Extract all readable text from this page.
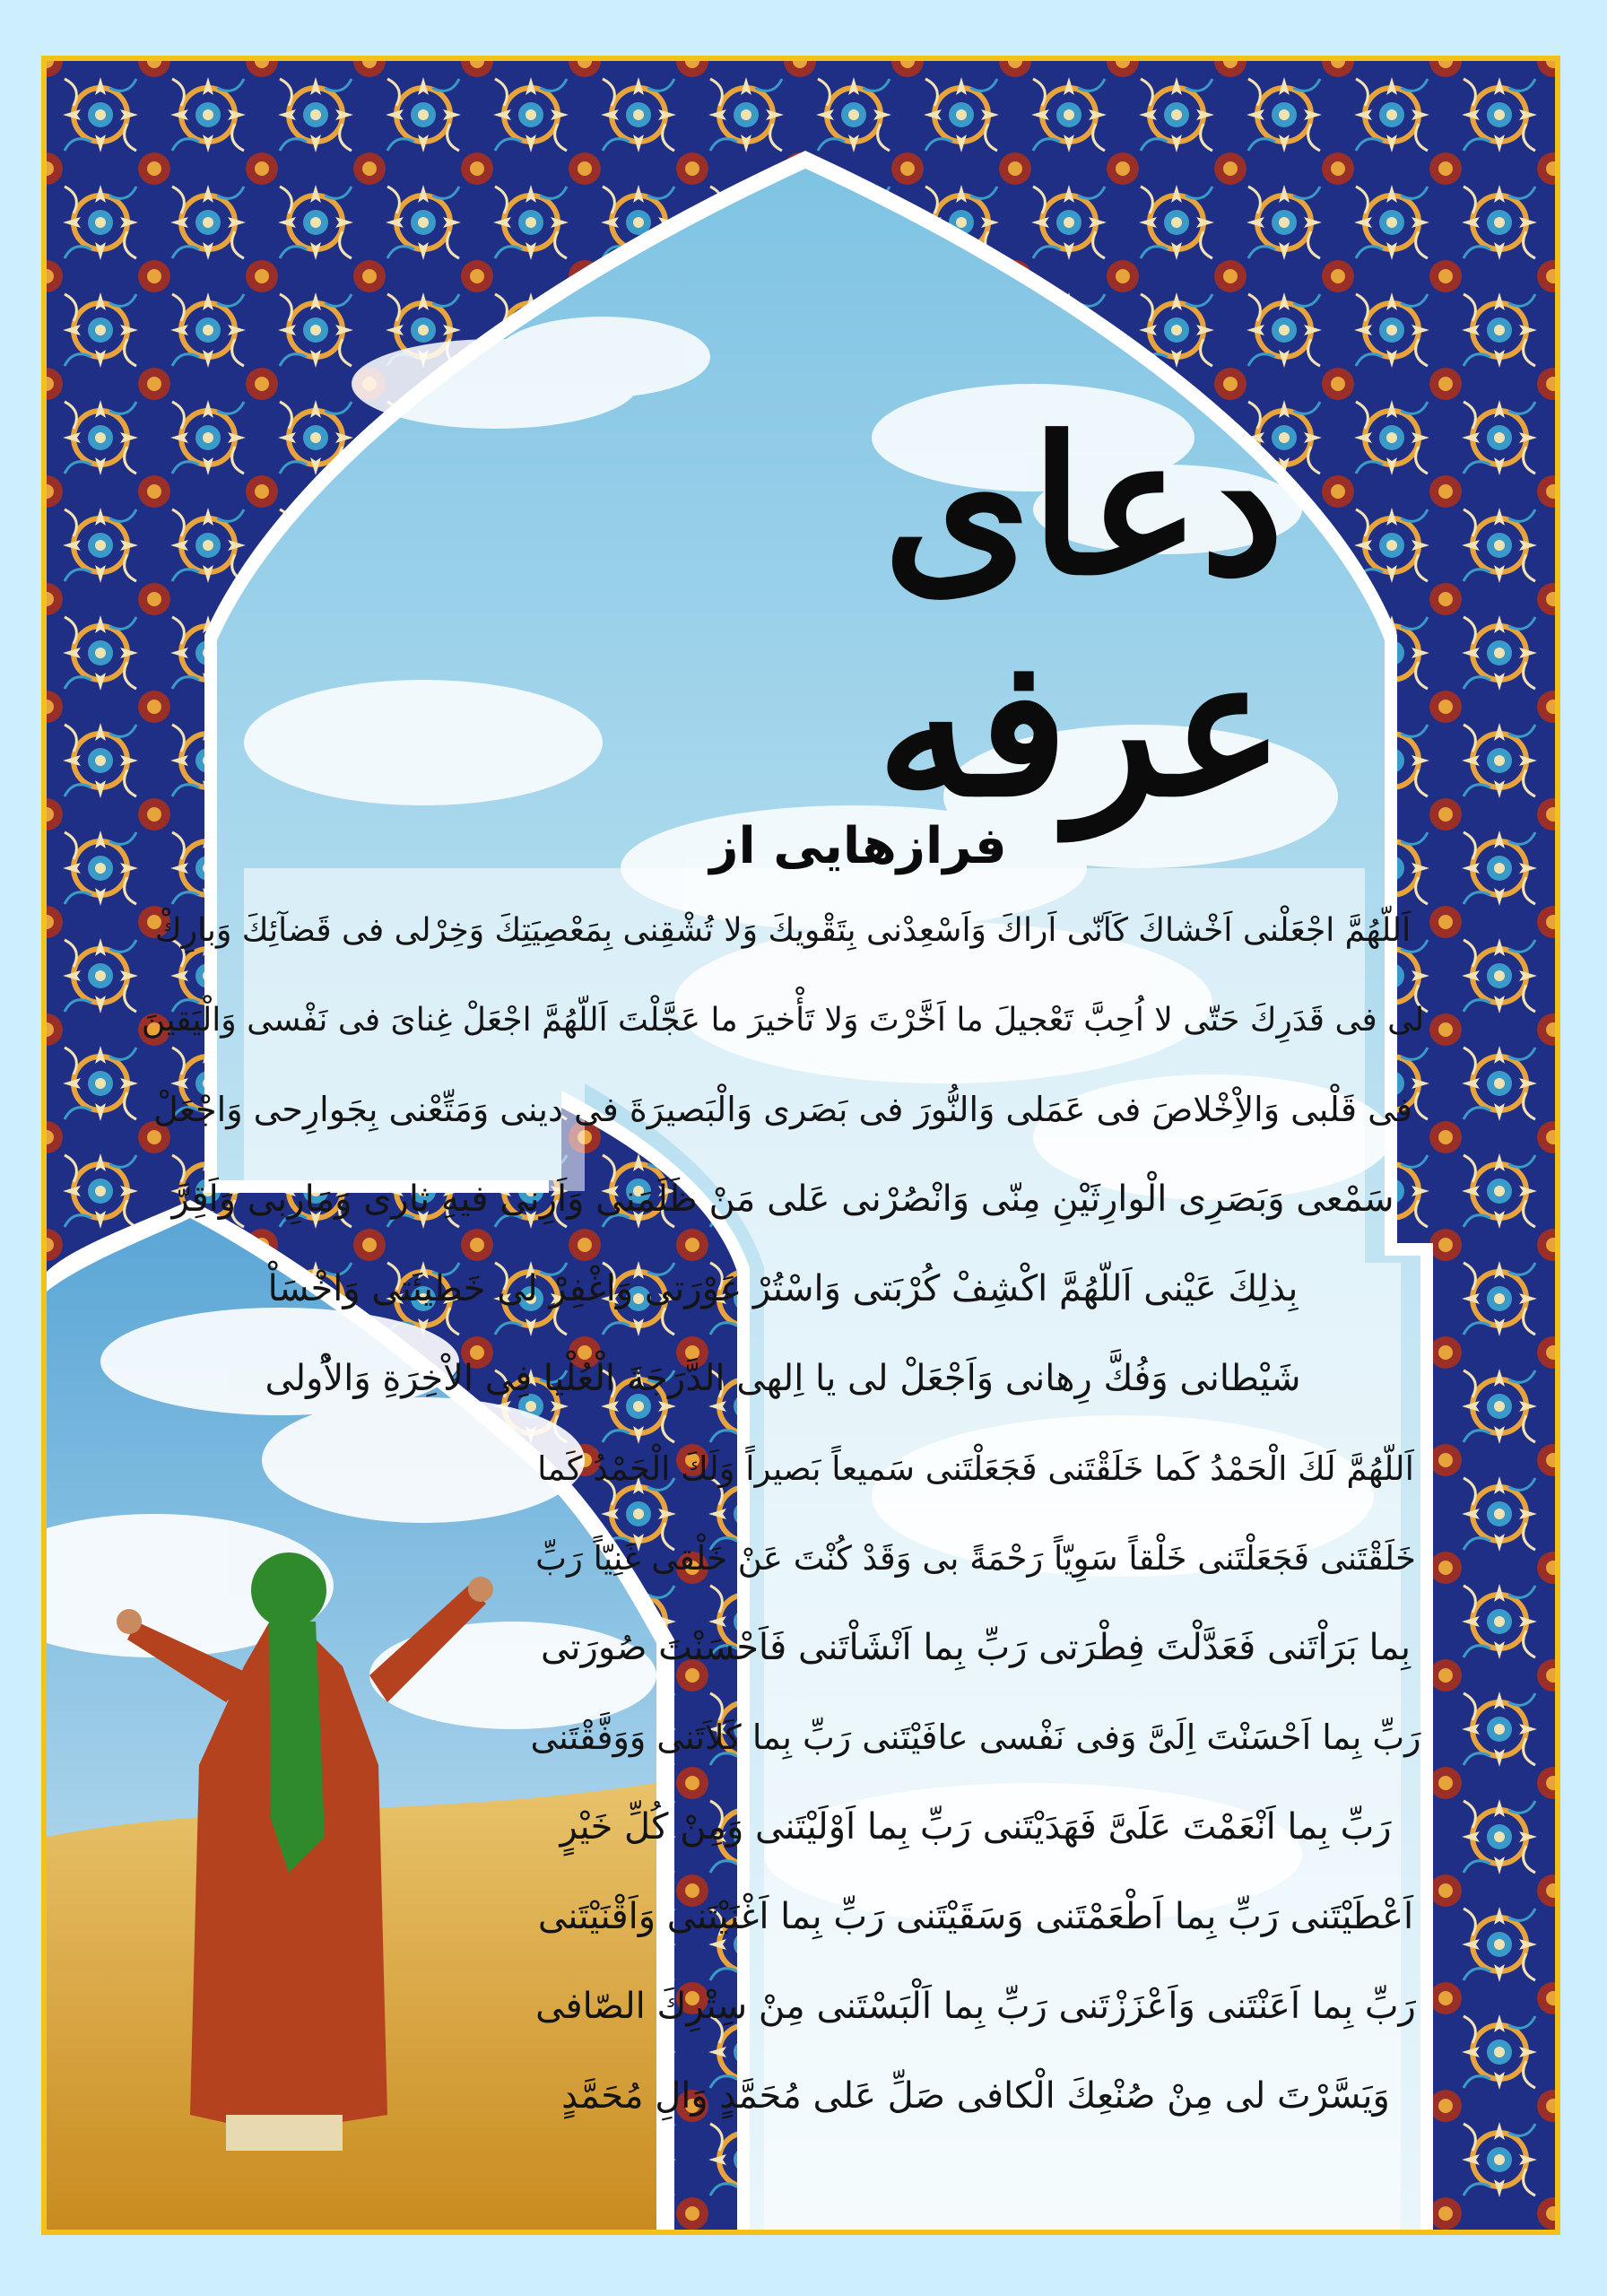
دعای عرفه
فرازهایی از
اَللّهُمَّ اجْعَلْنى اَخْشاكَ كَاَنّى اَراكَ وَاَسْعِدْنى بِتَقْويكَ وَلا تُشْقِنى بِمَعْصِيَتِكَ وَخِرْلى فى قَضآئِكَ وَبارِكْ
لى فى قَدَرِكَ حَتّى لا اُحِبَّ تَعْجيلَ ما اَخَّرْتَ وَلا تَأْخيرَ ما عَجَّلْتَ اَللّهُمَّ اجْعَلْ غِناىَ فى نَفْسى وَالْيَقينَ
فى قَلْبى وَالاِْخْلاصَ فى عَمَلى وَالنُّورَ فى بَصَرى وَالْبَصيرَةَ فى دينى وَمَتِّعْنى بِجَوارِحى وَاجْعَلْ
سَمْعى وَبَصَرِى الْوارِثَيْنِ مِنّى وَانْصُرْنى عَلى مَنْ ظَلَمَنى وَاَرِنى فيهِ ثارى وَمَارِبى وَاَقِرَّ
بِذلِكَ عَيْنى اَللّهُمَّ اكْشِفْ كُرْبَتى وَاسْتُرْ عَوْرَتى وَاغْفِرْ لى خَطيئَتى وَاخْسَاْ
شَيْطانى وَفُكَّ رِهانى وَاَجْعَلْ لى يا اِلهى الدَّرَجَةَ الْعُلْيا فِى الاْخِرَةِ وَالاُْولى
اَللّهُمَّ لَكَ الْحَمْدُ كَما خَلَقْتَنى فَجَعَلْتَنى سَميعاً بَصيراً وَلَكَ الْحَمْدُ كَما
خَلَقْتَنى فَجَعَلْتَنى خَلْقاً سَوِيّاً رَحْمَةً بى وَقَدْ كُنْتَ عَنْ خَلْقى غَنِيّاً رَبِّ
بِما بَرَاْتَنى فَعَدَّلْتَ فِطْرَتى رَبِّ بِما اَنْشَاْتَنى فَاَحْسَنْتَ صُورَتى
رَبِّ بِما اَحْسَنْتَ اِلَىَّ وَفى نَفْسى عافَيْتَنى رَبِّ بِما كَلاَتَنى وَوَفَّقْتَنى
رَبِّ بِما اَنْعَمْتَ عَلَىَّ فَهَدَيْتَنى رَبِّ بِما اَوْلَيْتَنى وَمِنْ كُلِّ خَيْرٍ
اَعْطَيْتَنى رَبِّ بِما اَطْعَمْتَنى وَسَقَيْتَنى رَبِّ بِما اَغْنَيْتَنى وَاَقْنَيْتَنى
رَبِّ بِما اَعَنْتَنى وَاَعْزَزْتَنى رَبِّ بِما اَلْبَسْتَنى مِنْ سِتْرِكَ الصّافى
وَيَسَّرْتَ لى مِنْ صُنْعِكَ الْكافى صَلِّ عَلى مُحَمَّدٍ وَالِ مُحَمَّدٍ
